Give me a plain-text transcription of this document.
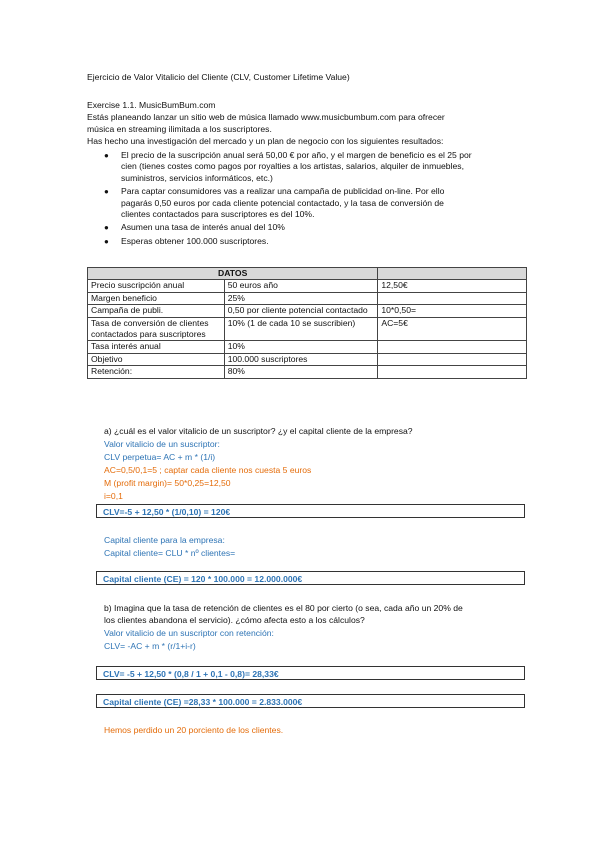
Ejercicio de Valor Vitalicio del Cliente (CLV, Customer Lifetime Value)
Exercise 1.1. MusicBumBum.com
Estás planeando lanzar un sitio web de música llamado www.musicbumbum.com para ofrecer
música en streaming ilimitada a los suscriptores.
Has hecho una investigación del mercado y un plan de negocio con los siguientes resultados:
● El precio de la suscripción anual será 50,00 € por año, y el margen de beneficio es el 25 por
cien (tienes costes como pagos por royalties a los artistas, salarios, alquiler de inmuebles,
suministros, servicios informáticos, etc.)
● Para captar consumidores vas a realizar una campaña de publicidad on-line. Por ello
pagarás 0,50 euros por cada cliente potencial contactado, y la tasa de conversión de
clientes contactados para suscriptores es del 10%.
● Asumen una tasa de interés anual del 10%
● Esperas obtener 100.000 suscriptores.
DATOS		
Precio suscripción anual	50 euros año	12,50€
Margen beneficio	25%	
Campaña de publi.	0,50 por cliente potencial contactado	10*0,50=
Tasa de conversión de clientes contactados para suscriptores	10% (1 de cada 10 se suscribien)	AC=5€
Tasa interés anual	10%	
Objetivo	100.000 suscriptores	
Retención:	80%	
a) ¿cuál es el valor vitalicio de un suscriptor? ¿y el capital cliente de la empresa?
Valor vitalicio de un suscriptor:
CLV perpetua= AC + m * (1/i)
AC=0,5/0,1=5 ; captar cada cliente nos cuesta 5 euros
M (profit margin)= 50*0,25=12,50
i=0,1
CLV=-5 + 12,50 * (1/0,10) = 120€
Capital cliente para la empresa:
Capital cliente= CLU * nº clientes=
Capital cliente (CE) = 120 * 100.000 = 12.000.000€
b) Imagina que la tasa de retención de clientes es el 80 por cierto (o sea, cada año un 20% de
los clientes abandona el servicio). ¿cómo afecta esto a los cálculos?
Valor vitalicio de un suscriptor con retención:
CLV= -AC + m * (r/1+i-r)
CLV= -5 + 12,50 * (0,8 / 1 + 0,1 - 0,8)= 28,33€
Capital cliente (CE) =28,33 * 100.000 = 2.833.000€
Hemos perdido un 20 porciento de los clientes.
